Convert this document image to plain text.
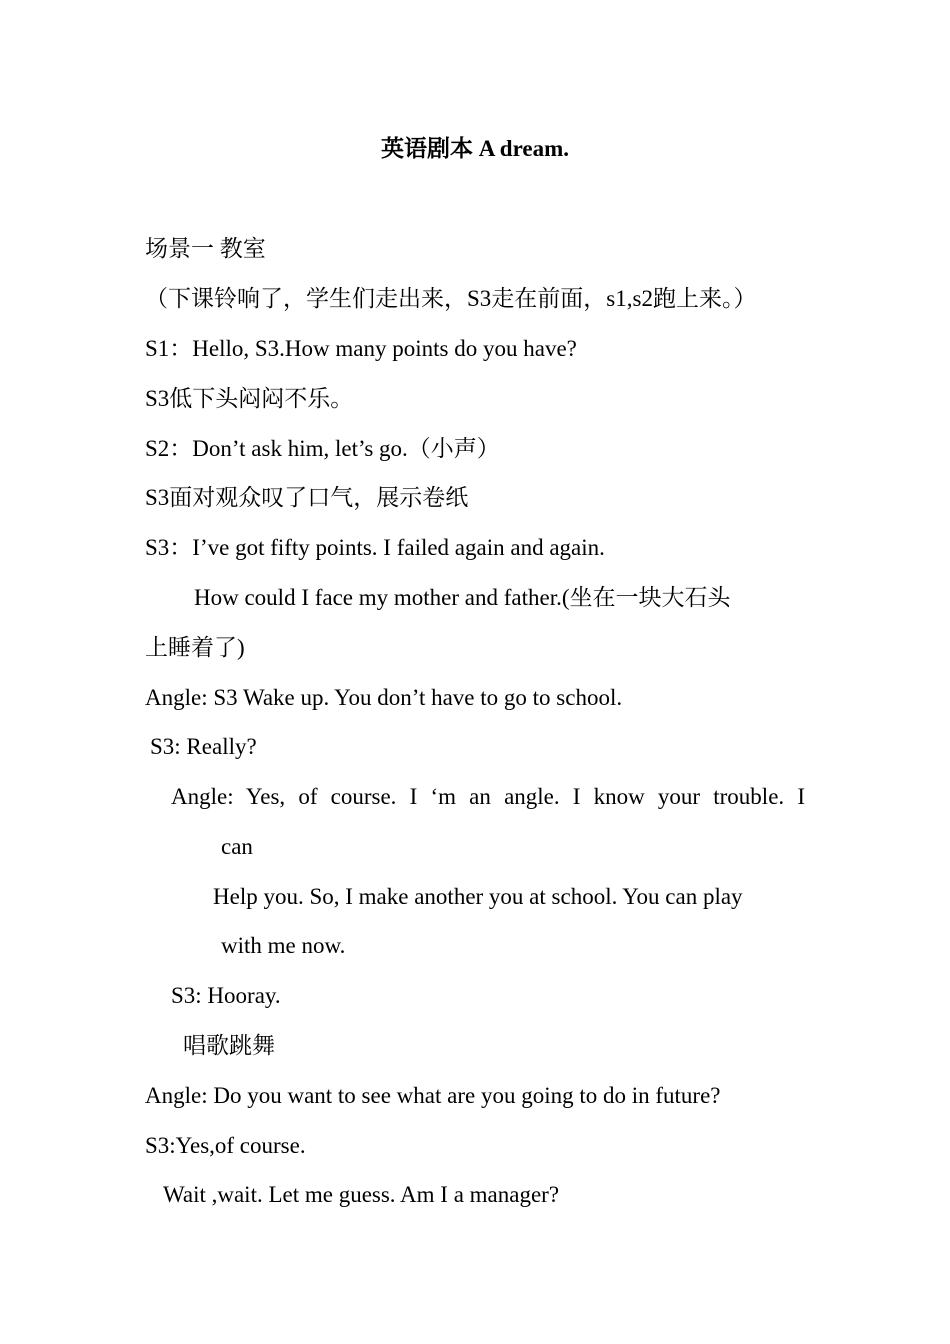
英语剧本 A dream.
场景一 教室
（下课铃响了，学生们走出来，S3走在前面，s1,s2跑上来。）
S1：Hello, S3.How many points do you have?
S3低下头闷闷不乐。
S2：Don’t ask him, let’s go.（小声）
S3面对观众叹了口气，展示卷纸
S3：I’ve got fifty points. I failed again and again.
How could I face my mother and father.(坐在一块大石头
上睡着了)
Angle: S3 Wake up. You don’t have to go to school.
S3: Really?
Angle: Yes, of course. I ‘m an angle. I know your trouble. I
can
Help you. So, I make another you at school. You can play
with me now.
S3: Hooray.
唱歌跳舞
Angle: Do you want to see what are you going to do in future?
S3:Yes,of course.
Wait ,wait. Let me guess. Am I a manager?
